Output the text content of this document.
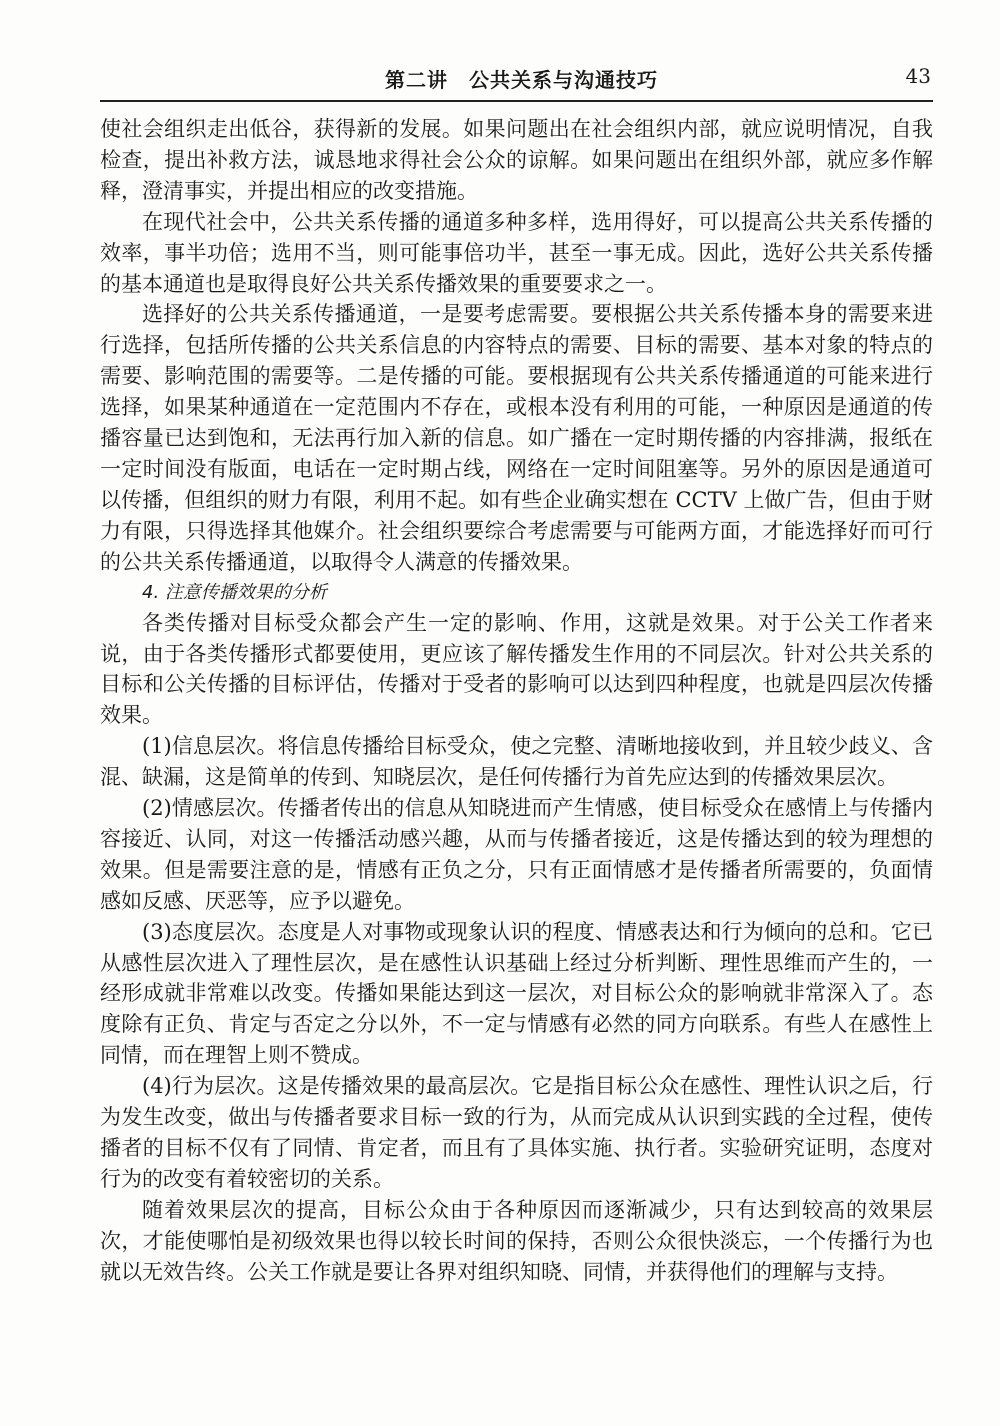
第二讲　公共关系与沟通技巧	43

使社会组织走出低谷，获得新的发展。如果问题出在社会组织内部，就应说明情况，自我检查，提出补救方法，诚恳地求得社会公众的谅解。如果问题出在组织外部，就应多作解释，澄清事实，并提出相应的改变措施。

在现代社会中，公共关系传播的通道多种多样，选用得好，可以提高公共关系传播的效率，事半功倍；选用不当，则可能事倍功半，甚至一事无成。因此，选好公共关系传播的基本通道也是取得良好公共关系传播效果的重要要求之一。

选择好的公共关系传播通道，一是要考虑需要。要根据公共关系传播本身的需要来进行选择，包括所传播的公共关系信息的内容特点的需要、目标的需要、基本对象的特点的需要、影响范围的需要等。二是传播的可能。要根据现有公共关系传播通道的可能来进行选择，如果某种通道在一定范围内不存在，或根本没有利用的可能，一种原因是通道的传播容量已达到饱和，无法再行加入新的信息。如广播在一定时期传播的内容排满，报纸在一定时间没有版面，电话在一定时期占线，网络在一定时间阻塞等。另外的原因是通道可以传播，但组织的财力有限，利用不起。如有些企业确实想在 CCTV 上做广告，但由于财力有限，只得选择其他媒介。社会组织要综合考虑需要与可能两方面，才能选择好而可行的公共关系传播通道，以取得令人满意的传播效果。

4. 注意传播效果的分析

各类传播对目标受众都会产生一定的影响、作用，这就是效果。对于公关工作者来说，由于各类传播形式都要使用，更应该了解传播发生作用的不同层次。针对公共关系的目标和公关传播的目标评估，传播对于受者的影响可以达到四种程度，也就是四层次传播效果。

(1)信息层次。将信息传播给目标受众，使之完整、清晰地接收到，并且较少歧义、含混、缺漏，这是简单的传到、知晓层次，是任何传播行为首先应达到的传播效果层次。

(2)情感层次。传播者传出的信息从知晓进而产生情感，使目标受众在感情上与传播内容接近、认同，对这一传播活动感兴趣，从而与传播者接近，这是传播达到的较为理想的效果。但是需要注意的是，情感有正负之分，只有正面情感才是传播者所需要的，负面情感如反感、厌恶等，应予以避免。

(3)态度层次。态度是人对事物或现象认识的程度、情感表达和行为倾向的总和。它已从感性层次进入了理性层次，是在感性认识基础上经过分析判断、理性思维而产生的，一经形成就非常难以改变。传播如果能达到这一层次，对目标公众的影响就非常深入了。态度除有正负、肯定与否定之分以外，不一定与情感有必然的同方向联系。有些人在感性上同情，而在理智上则不赞成。

(4)行为层次。这是传播效果的最高层次。它是指目标公众在感性、理性认识之后，行为发生改变，做出与传播者要求目标一致的行为，从而完成从认识到实践的全过程，使传播者的目标不仅有了同情、肯定者，而且有了具体实施、执行者。实验研究证明，态度对行为的改变有着较密切的关系。

随着效果层次的提高，目标公众由于各种原因而逐渐减少，只有达到较高的效果层次，才能使哪怕是初级效果也得以较长时间的保持，否则公众很快淡忘，一个传播行为也就以无效告终。公关工作就是要让各界对组织知晓、同情，并获得他们的理解与支持。
